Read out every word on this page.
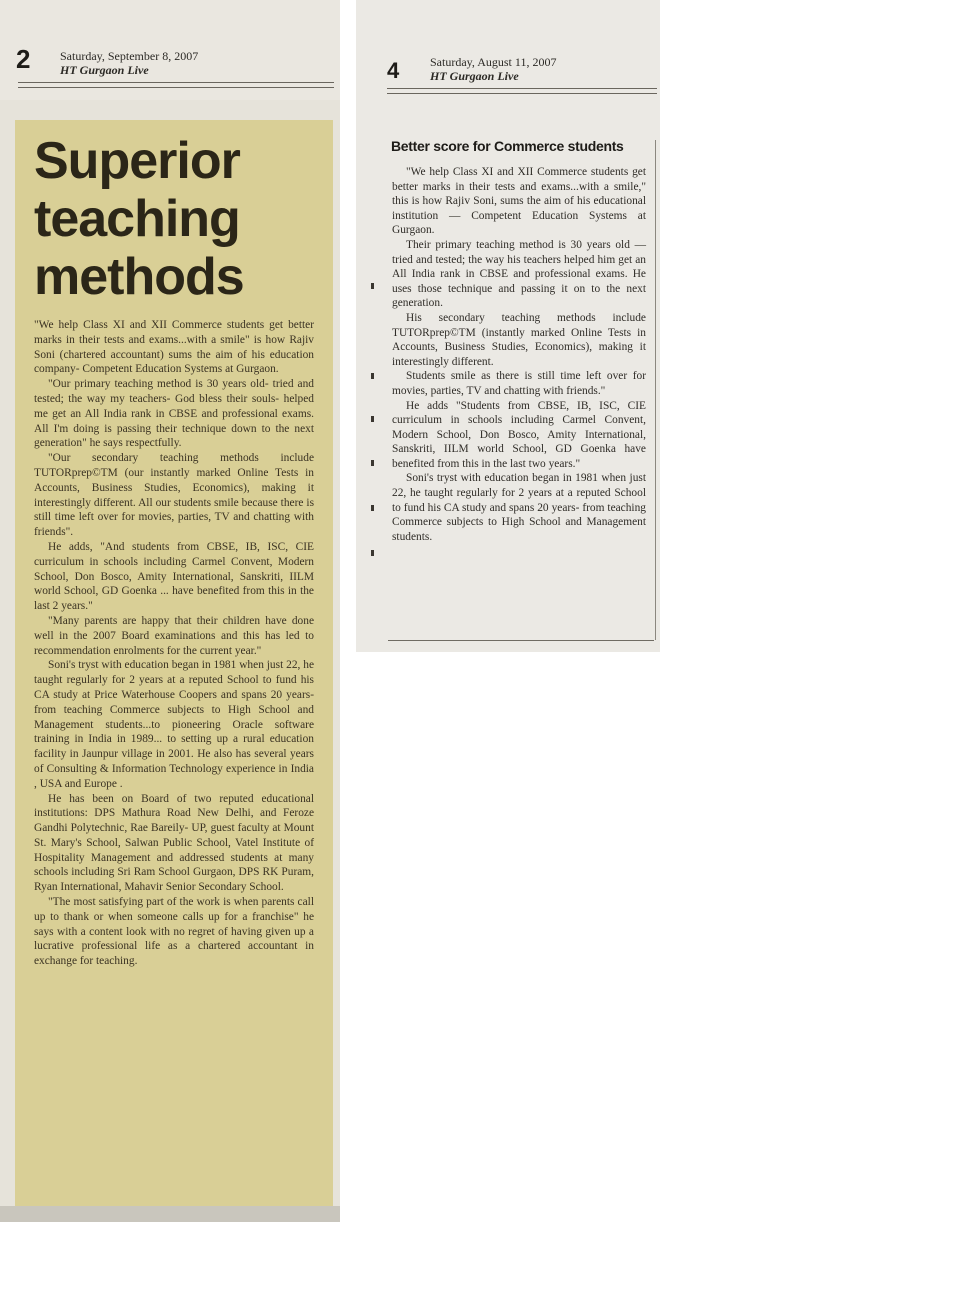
2 Saturday, September 8, 2007
HT Gurgaon Live
Superior
teaching
methods

"We help Class XI and XII Commerce students get better marks in their tests and exams...with a smile" is how Rajiv Soni (chartered accountant) sums the aim of his education company- Competent Education Systems at Gurgaon.

"Our primary teaching method is 30 years old- tried and tested; the way my teachers- God bless their souls- helped me get an All India rank in CBSE and professional exams. All I'm doing is passing their technique down to the next generation" he says respectfully.

"Our secondary teaching methods include TUTORprep©TM (our instantly marked Online Tests in Accounts, Business Studies, Economics), making it interestingly different. All our students smile because there is still time left over for movies, parties, TV and chatting with friends".

He adds, "And students from CBSE, IB, ISC, CIE curriculum in schools including Carmel Convent, Modern School, Don Bosco, Amity International, Sanskriti, IILM world School, GD Goenka ... have benefited from this in the last 2 years."

"Many parents are happy that their children have done well in the 2007 Board examinations and this has led to recommendation enrolments for the current year."

Soni's tryst with education began in 1981 when just 22, he taught regularly for 2 years at a reputed School to fund his CA study at Price Waterhouse Coopers and spans 20 years- from teaching Commerce subjects to High School and Management students...to pioneering Oracle software training in India in 1989... to setting up a rural education facility in Jaunpur village in 2001. He also has several years of Consulting & Information Technology experience in India , USA and Europe .

He has been on Board of two reputed educational institutions: DPS Mathura Road New Delhi, and Feroze Gandhi Polytechnic, Rae Bareily- UP, guest faculty at Mount St. Mary's School, Salwan Public School, Vatel Institute of Hospitality Management and addressed students at many schools including Sri Ram School Gurgaon, DPS RK Puram, Ryan International, Mahavir Senior Secondary School.

"The most satisfying part of the work is when parents call up to thank or when someone calls up for a franchise" he says with a content look with no regret of having given up a lucrative professional life as a chartered accountant in exchange for teaching.

4	Saturday, August 11, 2007
HT Gurgaon Live
Better score for Commerce students

"We help Class XI and XII Commerce students get better marks in their tests and exams...with a smile," this is how Rajiv Soni, sums the aim of his educational institution — Competent Education Systems at Gurgaon.

Their primary teaching method is 30 years old — tried and tested; the way his teachers helped him get an All India rank in CBSE and professional exams. He uses those technique and passing it on to the next generation.

His secondary teaching methods include TUTORprep©TM (instantly marked Online Tests in Accounts, Business Studies, Economics), making it interestingly different.

Students smile as there is still time left over for movies, parties, TV and chatting with friends."

He adds "Students from CBSE, IB, ISC, CIE curriculum in schools including Carmel Convent, Modern School, Don Bosco, Amity International, Sanskriti, IILM world School, GD Goenka have benefited from this in the last two years."

Soni's tryst with education began in 1981 when just 22, he taught regularly for 2 years at a reputed School to fund his CA study and spans 20 years- from teaching Commerce subjects to High School and Management students.
